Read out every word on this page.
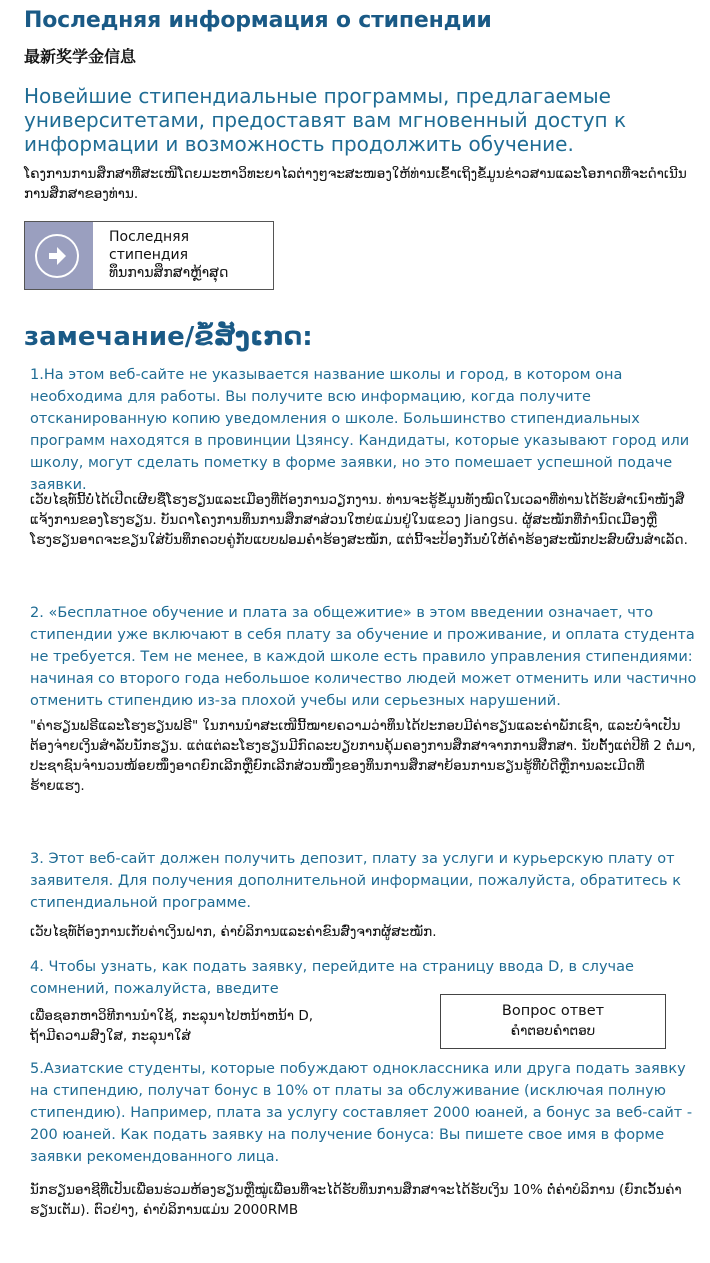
Последняя информация о стипендии
最新奖学金信息
Новейшие стипендиальные программы, предлагаемые университетами, предоставят вам мгновенный доступ к информации и возможность продолжить обучение.
ໂຄງການການສຶກສາທີ່ສະເໜີໂດຍມະຫາວິທະຍາໄລຕ່າງໆຈະສະໜອງໃຫ້ທ່ານເຂົ້າເຖິງຂໍ້ມູນຂ່າວສານແລະໂອກາດທີ່ຈະດຳເນີນການສຶກສາຂອງທ່ານ.
Последняя
стипендия
ທຶນການສຶກສາຫຼ້າສຸດ
замечание/ຂໍ້ສັງເກດ:
1.На этом веб-сайте не указывается название школы и город, в котором она необходима для работы. Вы получите всю информацию, когда получите отсканированную копию уведомления о школе. Большинство стипендиальных программ находятся в провинции Цзянсу. Кандидаты, которые указывают город или школу, могут сделать пометку в форме заявки, но это помешает успешной подаче заявки.
ເວັບໄຊທ໌ນີ້ບໍ່ໄດ້ເປີດເຜີຍຊື່ໂຮງຮຽນແລະເມືອງທີ່ຕ້ອງການວຽກງານ. ທ່ານຈະຮູ້ຂໍ້ມູນທັງໝົດໃນເວລາທີ່ທ່ານໄດ້ຮັບສຳເນົາໜັງສືແຈ້ງການຂອງໂຮງຮຽນ. ບັນດາໂຄງການທຶນການສຶກສາສ່ວນໃຫຍ່ແມ່ນຢູ່ໃນແຂວງ Jiangsu. ຜູ້ສະໝັກທີ່ກຳນົດເມືອງຫຼືໂຮງຮຽນອາດຈະຂຽນໃສ່ບັນທຶກຄວບຄູ່ກັບແບບຟອມຄຳຮ້ອງສະໝັກ, ແຕ່ນີ້ຈະປ້ອງກັນບໍ່ໃຫ້ຄຳຮ້ອງສະໝັກປະສົບຜົນສຳເລັດ.
2. «Бесплатное обучение и плата за общежитие» в этом введении означает, что стипендии уже включают в себя плату за обучение и проживание, и оплата студента не требуется. Тем не менее, в каждой школе есть правило управления стипендиями: начиная со второго года небольшое количество людей может отменить или частично отменить стипендию из-за плохой учебы или серьезных нарушений.
"ຄ່າຮຽນຟຣີແລະໂຮງຮຽນຟຣີ" ໃນການນຳສະເໜີນີ້ໝາຍຄວາມວ່າທຶນໄດ້ປະກອບມີຄ່າຮຽນແລະຄ່າພັກເຊົາ, ແລະບໍ່ຈຳເປັນຕ້ອງຈ່າຍເງິນສຳລັບນັກຮຽນ. ແຕ່ແຕ່ລະໂຮງຮຽນມີກົດລະບຽບການຄຸ້ມຄອງການສຶກສາຈາກການສຶກສາ. ນັບຕັ້ງແຕ່ປີທີ 2 ຕໍ່ມາ, ປະຊາຊົນຈຳນວນໜ້ອຍໜຶ່ງອາດຍົກເລີກຫຼືຍົກເລີກສ່ວນໜຶ່ງຂອງທຶນການສຶກສາຍ້ອນການຮຽນຮູ້ທີ່ບໍ່ດີຫຼືການລະເມີດທີ່ຮ້າຍແຮງ.
3. Этот веб-сайт должен получить депозит, плату за услуги и курьерскую плату от заявителя. Для получения дополнительной информации, пожалуйста, обратитесь к стипендиальной программе.
ເວັບໄຊທ໌ຕ້ອງການເກັບຄ່າເງິນຝາກ, ຄ່າບໍລິການແລະຄ່າຂົນສົ່ງຈາກຜູ້ສະໝັກ.
4. Чтобы узнать, как подать заявку, перейдите на страницу ввода D, в случае сомнений, пожалуйста, введите
ເພື່ອຊອກຫາວິທີການນຳໃຊ້, ກະລຸນາໄປຫນ້າຫນ້າ D,
ຖ້າມີຄວາມສົງໃສ, ກະລຸນາໃສ່
Вопрос ответ
ຄໍາຕອບຄໍາຕອບ
5.Азиатские студенты, которые побуждают одноклассника или друга подать заявку на стипендию, получат бонус в 10% от платы за обслуживание (исключая полную стипендию). Например, плата за услугу составляет 2000 юаней, а бонус за веб-сайт - 200 юаней. Как подать заявку на получение бонуса: Вы пишете свое имя в форме заявки рекомендованного лица.
ນັກຮຽນອາຊີທີ່ເປັນເພື່ອນຮ່ວມຫ້ອງຮຽນຫຼືໝູ່ເພື່ອນທີ່ຈະໄດ້ຮັບທຶນການສຶກສາຈະໄດ້ຮັບເງິນ 10% ຕໍ່ຄ່າບໍລິການ (ຍົກເວັ້ນຄ່າຮຽນເຕັມ). ຕົວຢ່າງ, ຄ່າບໍລິການແມ່ນ 2000RMB
